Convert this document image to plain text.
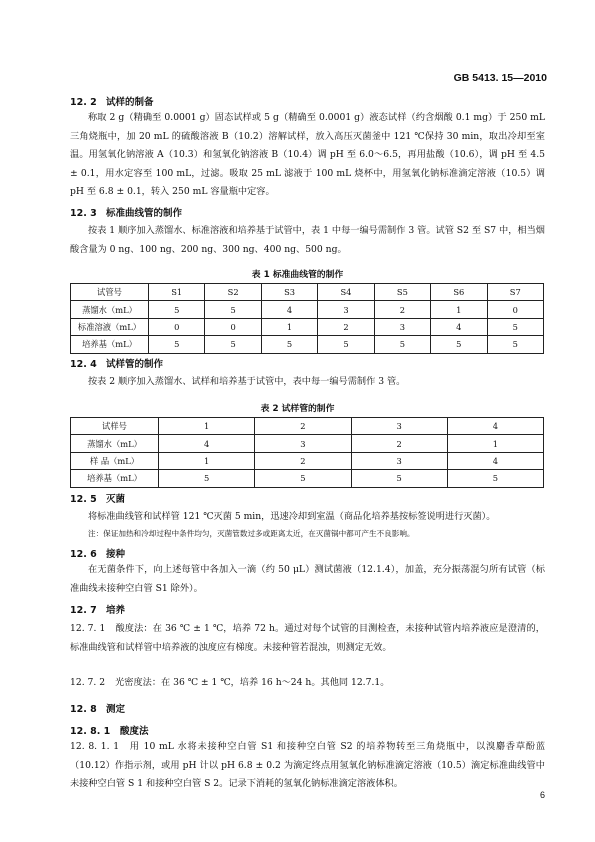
GB 5413. 15—2010
12. 2 试样的制备
称取 2 g（精确至 0.0001 g）固态试样或 5 g（精确至 0.0001 g）液态试样（约含烟酸 0.1 mg）于 250 mL 三角烧瓶中，加 20 mL 的硫酸溶液 B（10.2）溶解试样，放入高压灭菌釜中 121 ℃保持 30 min，取出冷却至室温。用氢氧化钠溶液 A（10.3）和氢氧化钠溶液 B（10.4）调 pH 至 6.0～6.5，再用盐酸（10.6），调 pH 至 4.5 ± 0.1，用水定容至 100 mL，过滤。吸取 25 mL 滤液于 100 mL 烧杯中，用氢氧化钠标准滴定溶液（10.5）调 pH 至 6.8 ± 0.1，转入 250 mL 容量瓶中定容。
12. 3 标准曲线管的制作
按表 1 顺序加入蒸馏水、标准溶液和培养基于试管中，表 1 中每一编号需制作 3 管。试管 S2 至 S7 中，相当烟酸含量为 0 ng、100 ng、200 ng、300 ng、400 ng、500 ng。
表 1 标准曲线管的制作
试管号	S1	S2	S3	S4	S5	S6	S7
蒸馏水（mL）	5	5	4	3	2	1	0
标准溶液（mL）	0	0	1	2	3	4	5
培养基（mL）	5	5	5	5	5	5	5
12. 4 试样管的制作
按表 2 顺序加入蒸馏水、试样和培养基于试管中，表中每一编号需制作 3 管。
表 2 试样管的制作
试样号	1	2	3	4
蒸馏水（mL）	4	3	2	1
样 品（mL）	1	2	3	4
培养基（mL）	5	5	5	5
12. 5 灭菌
将标准曲线管和试样管 121 ℃灭菌 5 min，迅速冷却到室温（商品化培养基按标签说明进行灭菌）。
注：保证加热和冷却过程中条件均匀，灭菌管数过多或距离太近，在灭菌锅中都可产生不良影响。
12. 6 接种
在无菌条件下，向上述每管中各加入一滴（约 50 μL）测试菌液（12.1.4），加盖，充分振荡混匀所有试管（标准曲线未接种空白管 S1 除外）。
12. 7 培养
12. 7. 1 酸度法：在 36 ℃ ± 1 ℃，培养 72 h。通过对每个试管的目测检查，未接种试管内培养液应是澄清的，标准曲线管和试样管中培养液的浊度应有梯度。未接种管若混浊，则测定无效。
12. 7. 2 光密度法：在 36 ℃ ± 1 ℃，培养 16 h～24 h。其他同 12.7.1。
12. 8 测定
12. 8. 1 酸度法
12. 8. 1. 1 用 10 mL 水将未接种空白管 S1 和接种空白管 S2 的培养物转至三角烧瓶中，以溴麝香草酚蓝（10.12）作指示剂，或用 pH 计以 pH 6.8 ± 0.2 为滴定终点用氢氧化钠标准滴定溶液（10.5）滴定标准曲线管中未接种空白管 S 1 和接种空白管 S 2。记录下消耗的氢氧化钠标准滴定溶液体积。
6
